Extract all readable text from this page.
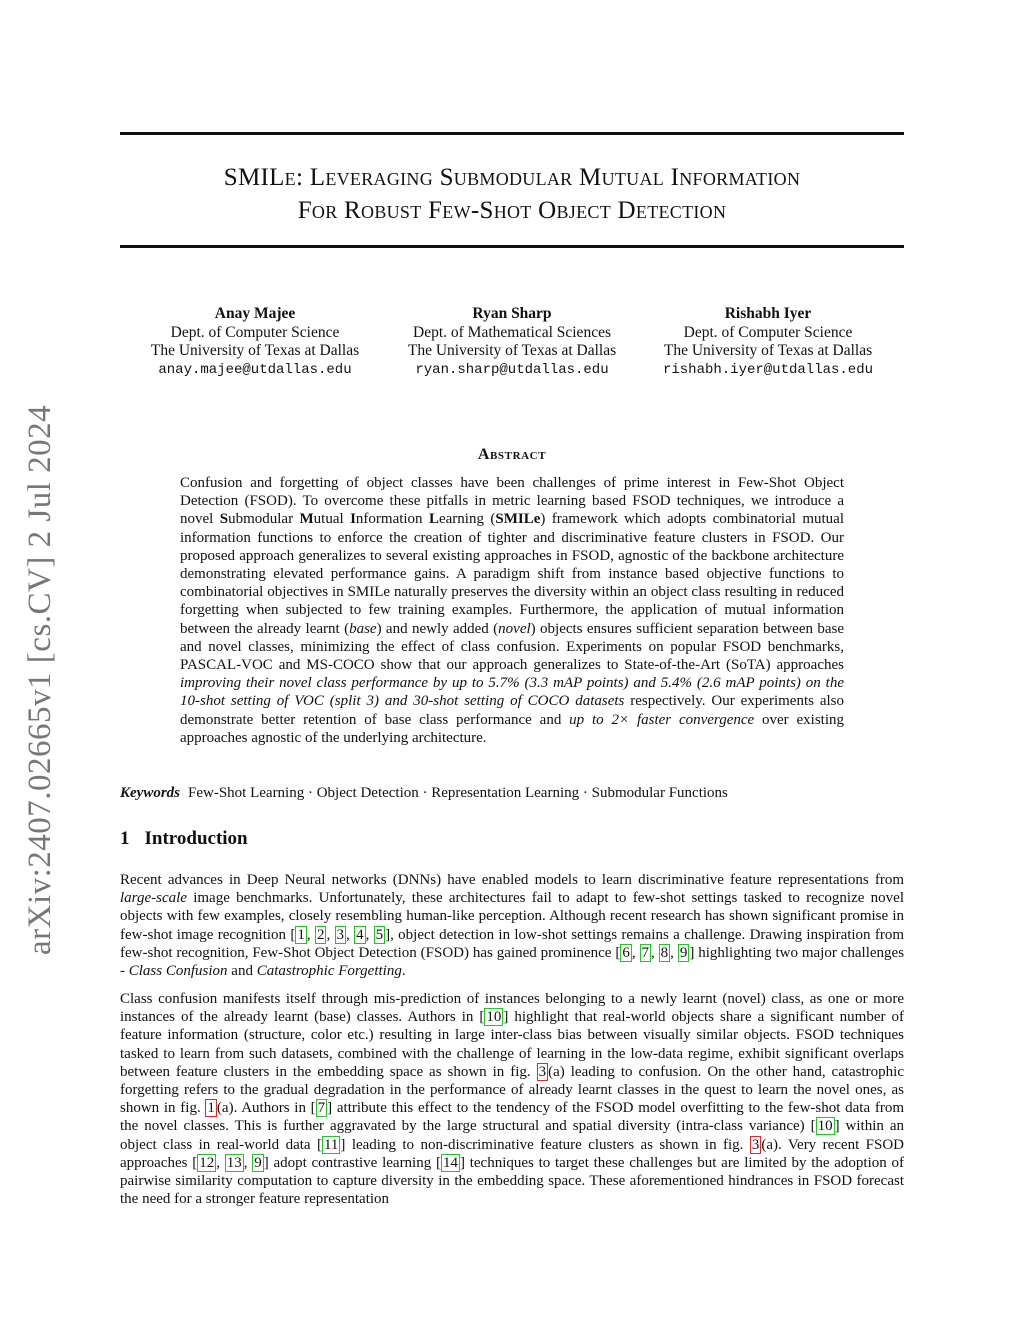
SMILe: Leveraging Submodular Mutual Information
For Robust Few-Shot Object Detection
Anay Majee
Dept. of Computer Science
The University of Texas at Dallas
anay.majee@utdallas.edu
Ryan Sharp
Dept. of Mathematical Sciences
The University of Texas at Dallas
ryan.sharp@utdallas.edu
Rishabh Iyer
Dept. of Computer Science
The University of Texas at Dallas
rishabh.iyer@utdallas.edu
arXiv:2407.02665v1 [cs.CV] 2 Jul 2024	Abstract
Confusion and forgetting of object classes have been challenges of prime interest in Few-Shot Object Detection (FSOD). To overcome these pitfalls in metric learning based FSOD techniques, we introduce a novel Submodular Mutual Information Learning (SMILe) framework which adopts combinatorial mutual information functions to enforce the creation of tighter and discriminative feature clusters in FSOD. Our proposed approach generalizes to several existing approaches in FSOD, agnostic of the backbone architecture demonstrating elevated performance gains. A paradigm shift from instance based objective functions to combinatorial objectives in SMILe naturally preserves the diversity within an object class resulting in reduced forgetting when subjected to few training examples. Furthermore, the application of mutual information between the already learnt (base) and newly added (novel) objects ensures sufficient separation between base and novel classes, minimizing the effect of class confusion. Experiments on popular FSOD benchmarks, PASCAL-VOC and MS-COCO show that our approach generalizes to State-of-the-Art (SoTA) approaches improving their novel class performance by up to 5.7% (3.3 mAP points) and 5.4% (2.6 mAP points) on the 10-shot setting of VOC (split 3) and 30-shot setting of COCO datasets respectively. Our experiments also demonstrate better retention of base class performance and up to 2× faster convergence over existing approaches agnostic of the underlying architecture.
Keywords Few-Shot Learning · Object Detection · Representation Learning · Submodular Functions
1 Introduction
Recent advances in Deep Neural networks (DNNs) have enabled models to learn discriminative feature representations from large-scale image benchmarks. Unfortunately, these architectures fail to adapt to few-shot settings tasked to recognize novel objects with few examples, closely resembling human-like perception. Although recent research has shown significant promise in few-shot image recognition [ 1 , 2 , 3 , 4 , 5 ], object detection in low-shot settings remains a challenge. Drawing inspiration from few-shot recognition, Few-Shot Object Detection (FSOD) has gained prominence [ 6 , 7 , 8 , 9 ] highlighting two major challenges - Class Confusion and Catastrophic Forgetting.
Class confusion manifests itself through mis-prediction of instances belonging to a newly learnt (novel) class, as one or more instances of the already learnt (base) classes. Authors in [ 10 ] highlight that real-world objects share a significant number of feature information (structure, color etc.) resulting in large inter-class bias between visually similar objects. FSOD techniques tasked to learn from such datasets, combined with the challenge of learning in the low-data regime, exhibit significant overlaps between feature clusters in the embedding space as shown in fig. 3 (a) leading to confusion. On the other hand, catastrophic forgetting refers to the gradual degradation in the performance of already learnt classes in the quest to learn the novel ones, as shown in fig. 1 (a). Authors in [ 7 ] attribute this effect to the tendency of the FSOD model overfitting to the few-shot data from the novel classes. This is further aggravated by the large structural and spatial diversity (intra-class variance) [ 10 ] within an object class in real-world data [ 11 ] leading to non-discriminative feature clusters as shown in fig. 3 (a). Very recent FSOD approaches [ 12 , 13 , 9 ] adopt contrastive learning [ 14 ] techniques to target these challenges but are limited by the adoption of pairwise similarity computation to capture diversity in the embedding space. These aforementioned hindrances in FSOD forecast the need for a stronger feature representation
